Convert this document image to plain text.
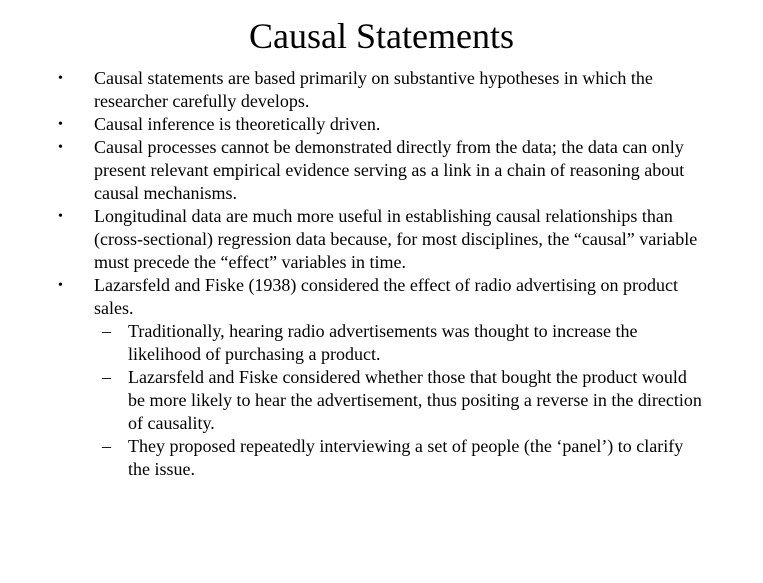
Causal Statements
•	Causal statements are based primarily on substantive hypotheses in which the researcher carefully develops.
•	Causal inference is theoretically driven.
•	Causal processes cannot be demonstrated directly from the data; the data can only present relevant empirical evidence serving as a link in a chain of reasoning about causal mechanisms.
•	Longitudinal data are much more useful in establishing causal relationships than (cross-sectional) regression data because, for most disciplines, the “causal” variable must precede the “effect” variables in time.
•	Lazarsfeld and Fiske (1938) considered the effect of radio advertising on product sales.
– Traditionally, hearing radio advertisements was thought to increase the likelihood of purchasing a product.
– Lazarsfeld and Fiske considered whether those that bought the product would be more likely to hear the advertisement, thus positing a reverse in the direction of causality.
– They proposed repeatedly interviewing a set of people (the ‘panel’) to clarify the issue.
